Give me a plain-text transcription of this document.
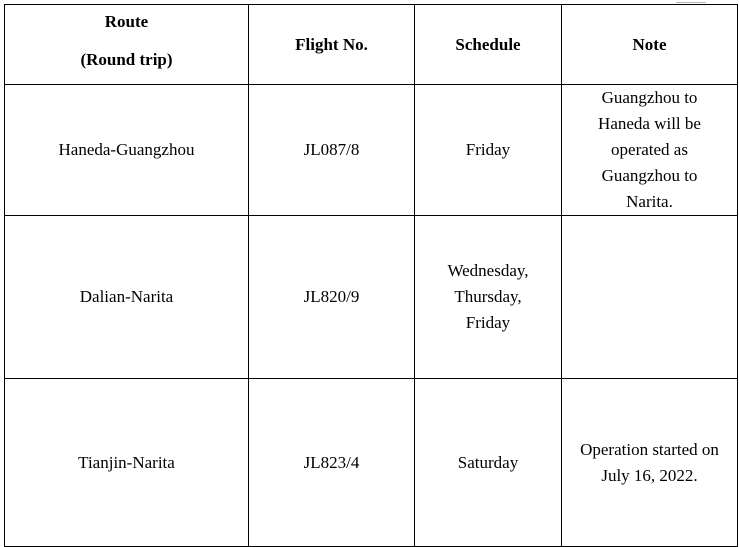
Route
(Round trip)	Flight No.	Schedule	Note
Haneda-Guangzhou	JL087/8	Friday	Guangzhou to
Haneda will be
operated as
Guangzhou to
Narita.

Dalian-Narita	JL820/9	Wednesday,
Thursday,
Friday	

Tianjin-Narita	JL823/4	Saturday	Operation started on
July 16, 2022.
